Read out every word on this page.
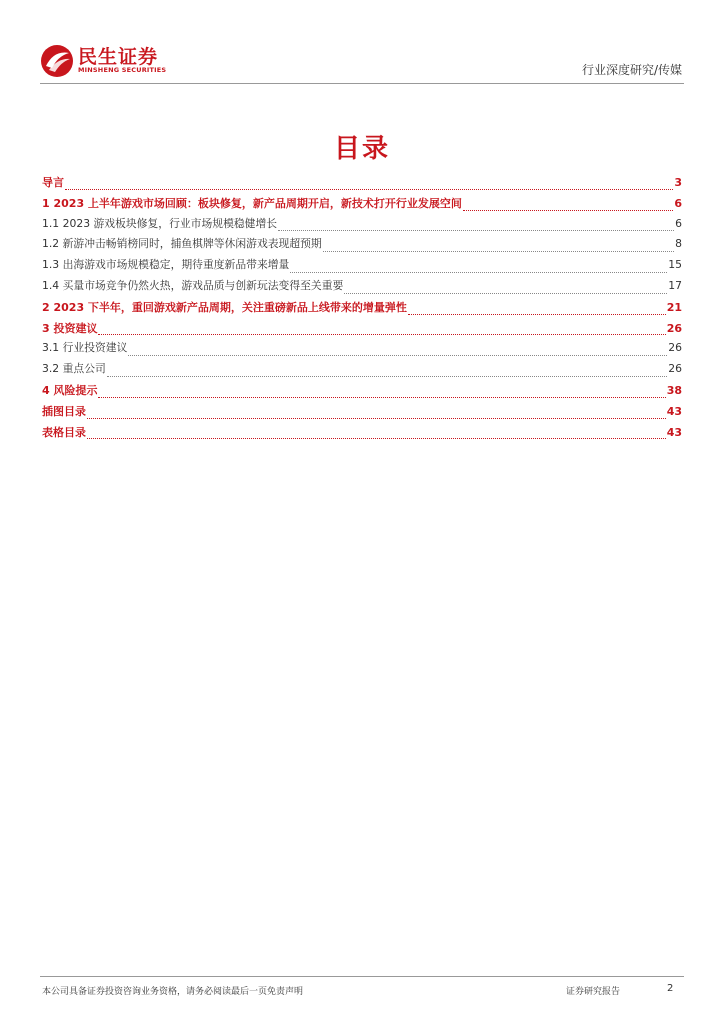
民生证券
MINSHENG SECURITIES	行业深度研究/传媒
目录
导言	3
1 2023 上半年游戏市场回顾：板块修复，新产品周期开启，新技术打开行业发展空间	6
1.1 2023 游戏板块修复，行业市场规模稳健增长	6
1.2 新游冲击畅销榜同时，捕鱼棋牌等休闲游戏表现超预期	8
1.3 出海游戏市场规模稳定，期待重度新品带来增量	15
1.4 买量市场竞争仍然火热，游戏品质与创新玩法变得至关重要	17
2 2023 下半年，重回游戏新产品周期，关注重磅新品上线带来的增量弹性	21
3 投资建议	26
3.1 行业投资建议	26
3.2 重点公司	26
4 风险提示	38
插图目录	43
表格目录	43
本公司具备证券投资咨询业务资格，请务必阅读最后一页免责声明	证券研究报告	2
